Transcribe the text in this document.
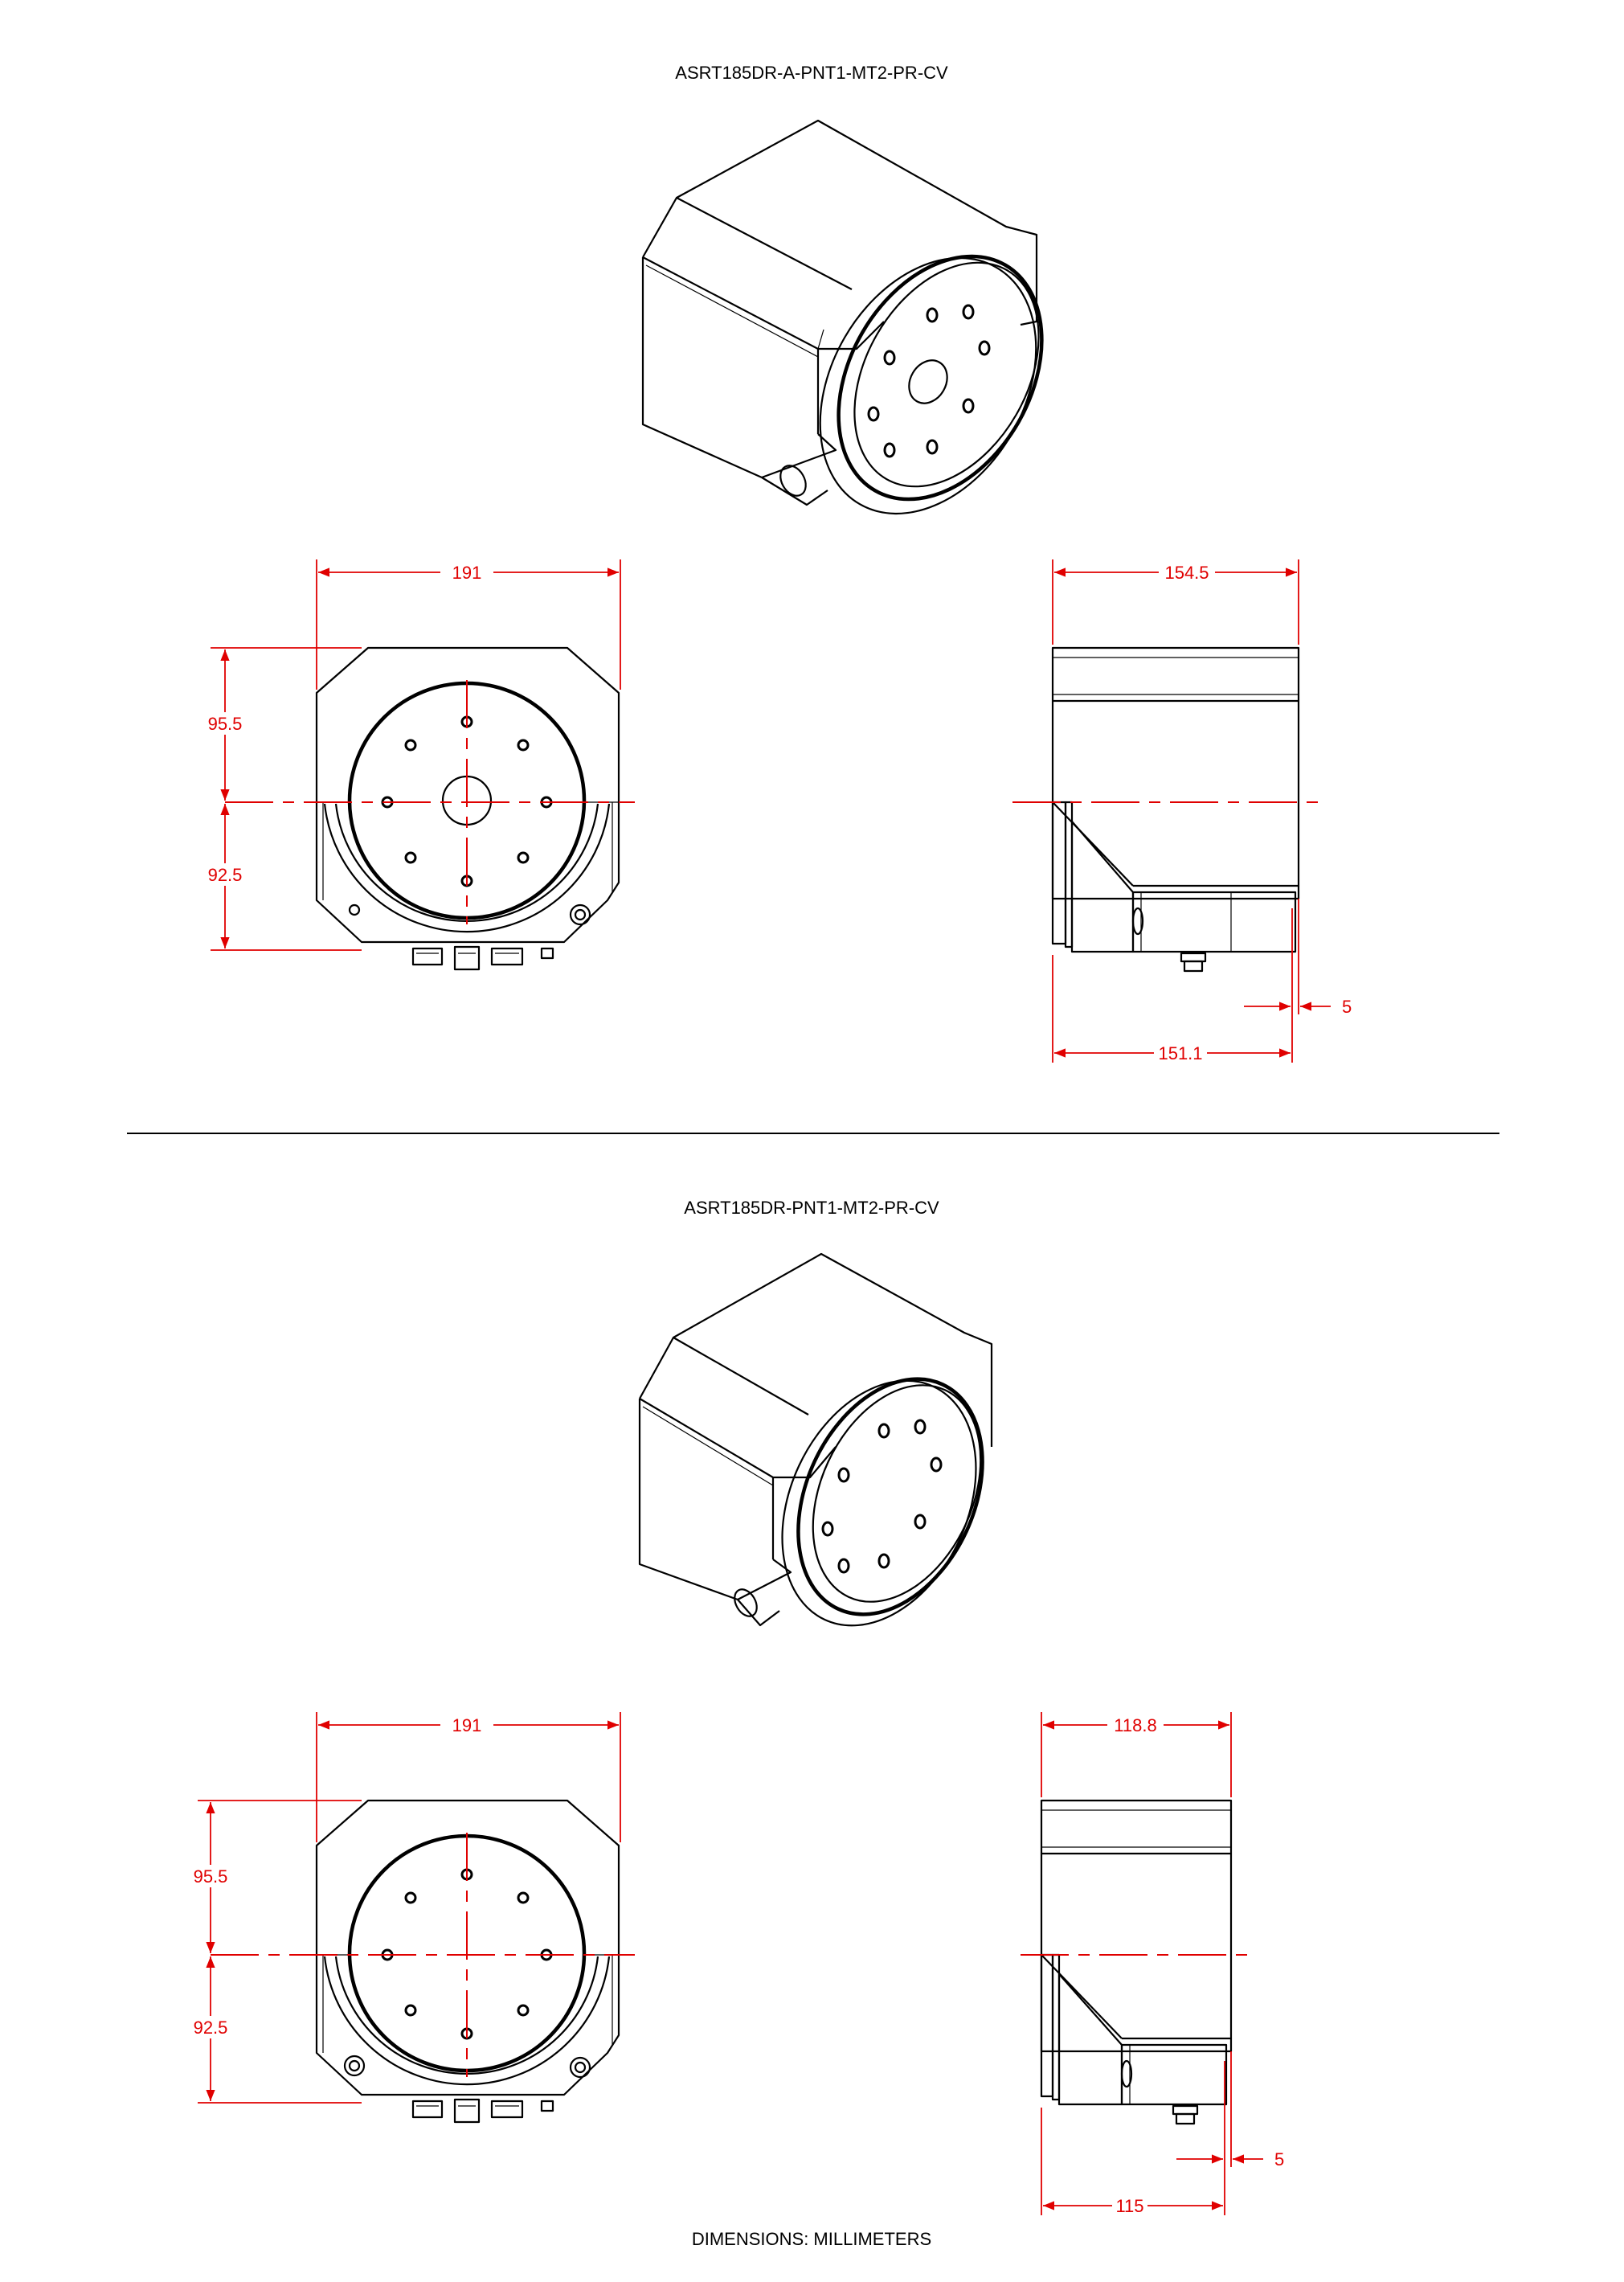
ASRT185DR-A-PNT1-MT2-PR-CV
ASRT185DR-PNT1-MT2-PR-CV
DIMENSIONS: MILLIMETERS
191
95.5
92.5
154.5
151.1
5
191
95.5
92.5
118.8
115
5
